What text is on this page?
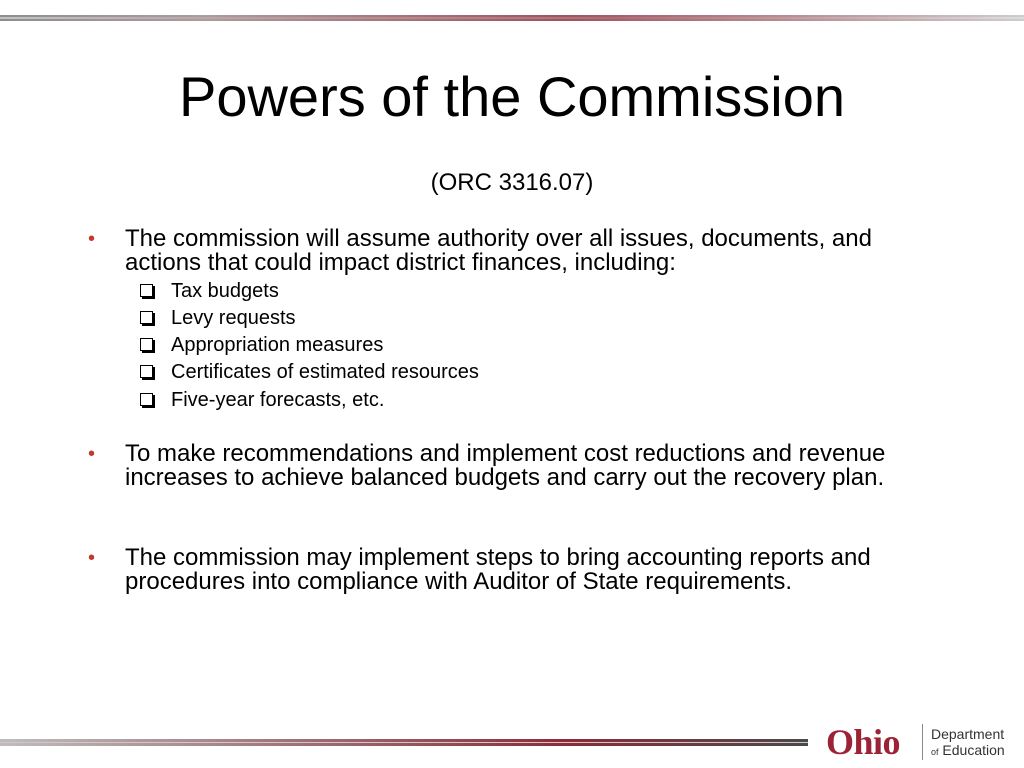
Powers of the Commission
(ORC 3316.07)
• The commission will assume authority over all issues, documents, and actions that could impact district finances, including:
Tax budgets
Levy requests
Appropriation measures
Certificates of estimated resources
Five-year forecasts, etc.
• To make recommendations and implement cost reductions and revenue increases to achieve balanced budgets and carry out the recovery plan.
• The commission may implement steps to bring accounting reports and procedures into compliance with Auditor of State requirements.
Ohio Department
of Education
